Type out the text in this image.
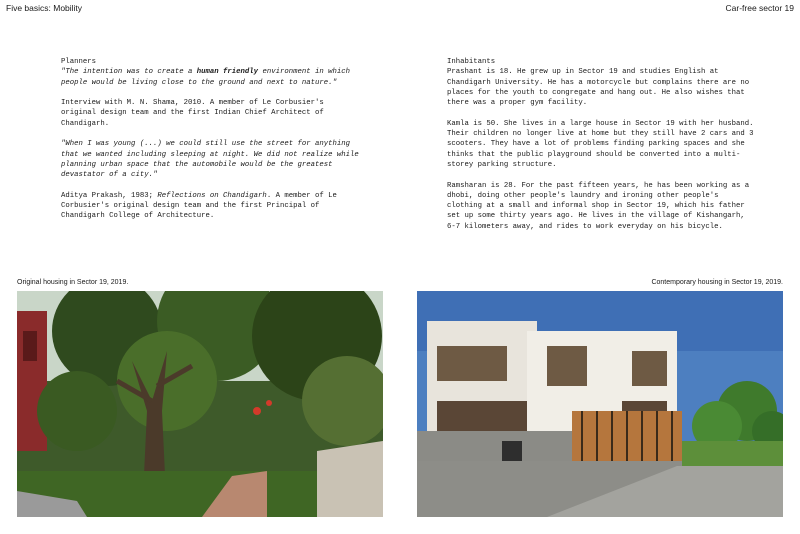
Five basics: Mobility	Car-free sector 19

Planners

"The intention was to create a human friendly environment in which people would be living close to the ground and next to nature."

Interview with M. N. Shama, 2010. A member of Le Corbusier's original design team and the first Indian Chief Architect of Chandigarh.

"When I was young (...) we could still use the street for anything that we wanted including sleeping at night. We did not realize while planning urban space that the automobile would be the greatest devastator of a city."

Aditya Prakash, 1983; Reflections on Chandigarh. A member of Le Corbusier's original design team and the first Principal of Chandigarh College of Architecture.

Inhabitants

Prashant is 18. He grew up in Sector 19 and studies English at Chandigarh University. He has a motorcycle but complains there are no places for the youth to congregate and hang out. He also wishes that there was a proper gym facility.

Kamla is 50. She lives in a large house in Sector 19 with her husband. Their children no longer live at home but they still have 2 cars and 3 scooters. They have a lot of problems finding parking spaces and she thinks that the public playground should be converted into a multi-storey parking structure.

Ramsharan is 28. For the past fifteen years, he has been working as a dhobi, doing other people's laundry and ironing other people's clothing at a small and informal shop in Sector 19, which his father set up some thirty years ago. He lives in the village of Kishangarh, 6-7 kilometers away, and rides to work everyday on his bicycle.

Original housing in Sector 19, 2019.	Contemporary housing in Sector 19, 2019.
